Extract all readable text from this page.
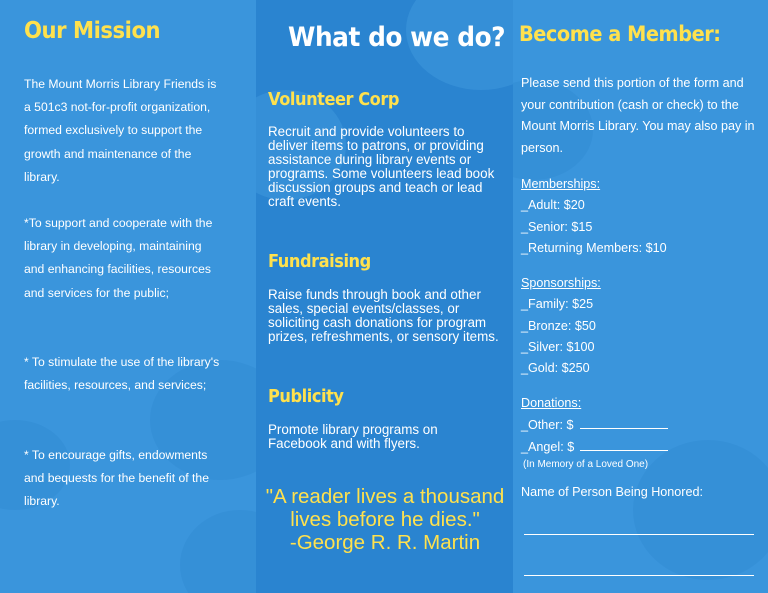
Our Mission

The Mount Morris Library Friends is a 501c3 not-for-profit organization, formed exclusively to support the growth and maintenance of the library.

*To support and cooperate with the library in developing, maintaining and enhancing facilities, resources and services for the public;

* To stimulate the use of the library's facilities, resources, and services;

* To encourage gifts, endowments and bequests for the benefit of the library.

What do we do?
Volunteer Corp

Recruit and provide volunteers to deliver items to patrons, or providing assistance during library events or programs. Some volunteers lead book discussion groups and teach or lead craft events.

Fundraising

Raise funds through book and other sales, special events/classes, or soliciting cash donations for program prizes, refreshments, or sensory items.

Publicity

Promote library programs on Facebook and with flyers.

"A reader lives a thousand lives before he dies."
-George R. R. Martin
Become a Member:

Please send this portion of the form and your contribution (cash or check) to the Mount Morris Library. You may also pay in person.

Memberships:
_Adult: $20
_Senior: $15
_Returning Members: $10
Sponsorships:
_Family: $25
_Bronze: $50
_Silver: $100
_Gold: $250
Donations:
_Other: $
_Angel: $
(In Memory of a Loved One)
Name of Person Being Honored:
